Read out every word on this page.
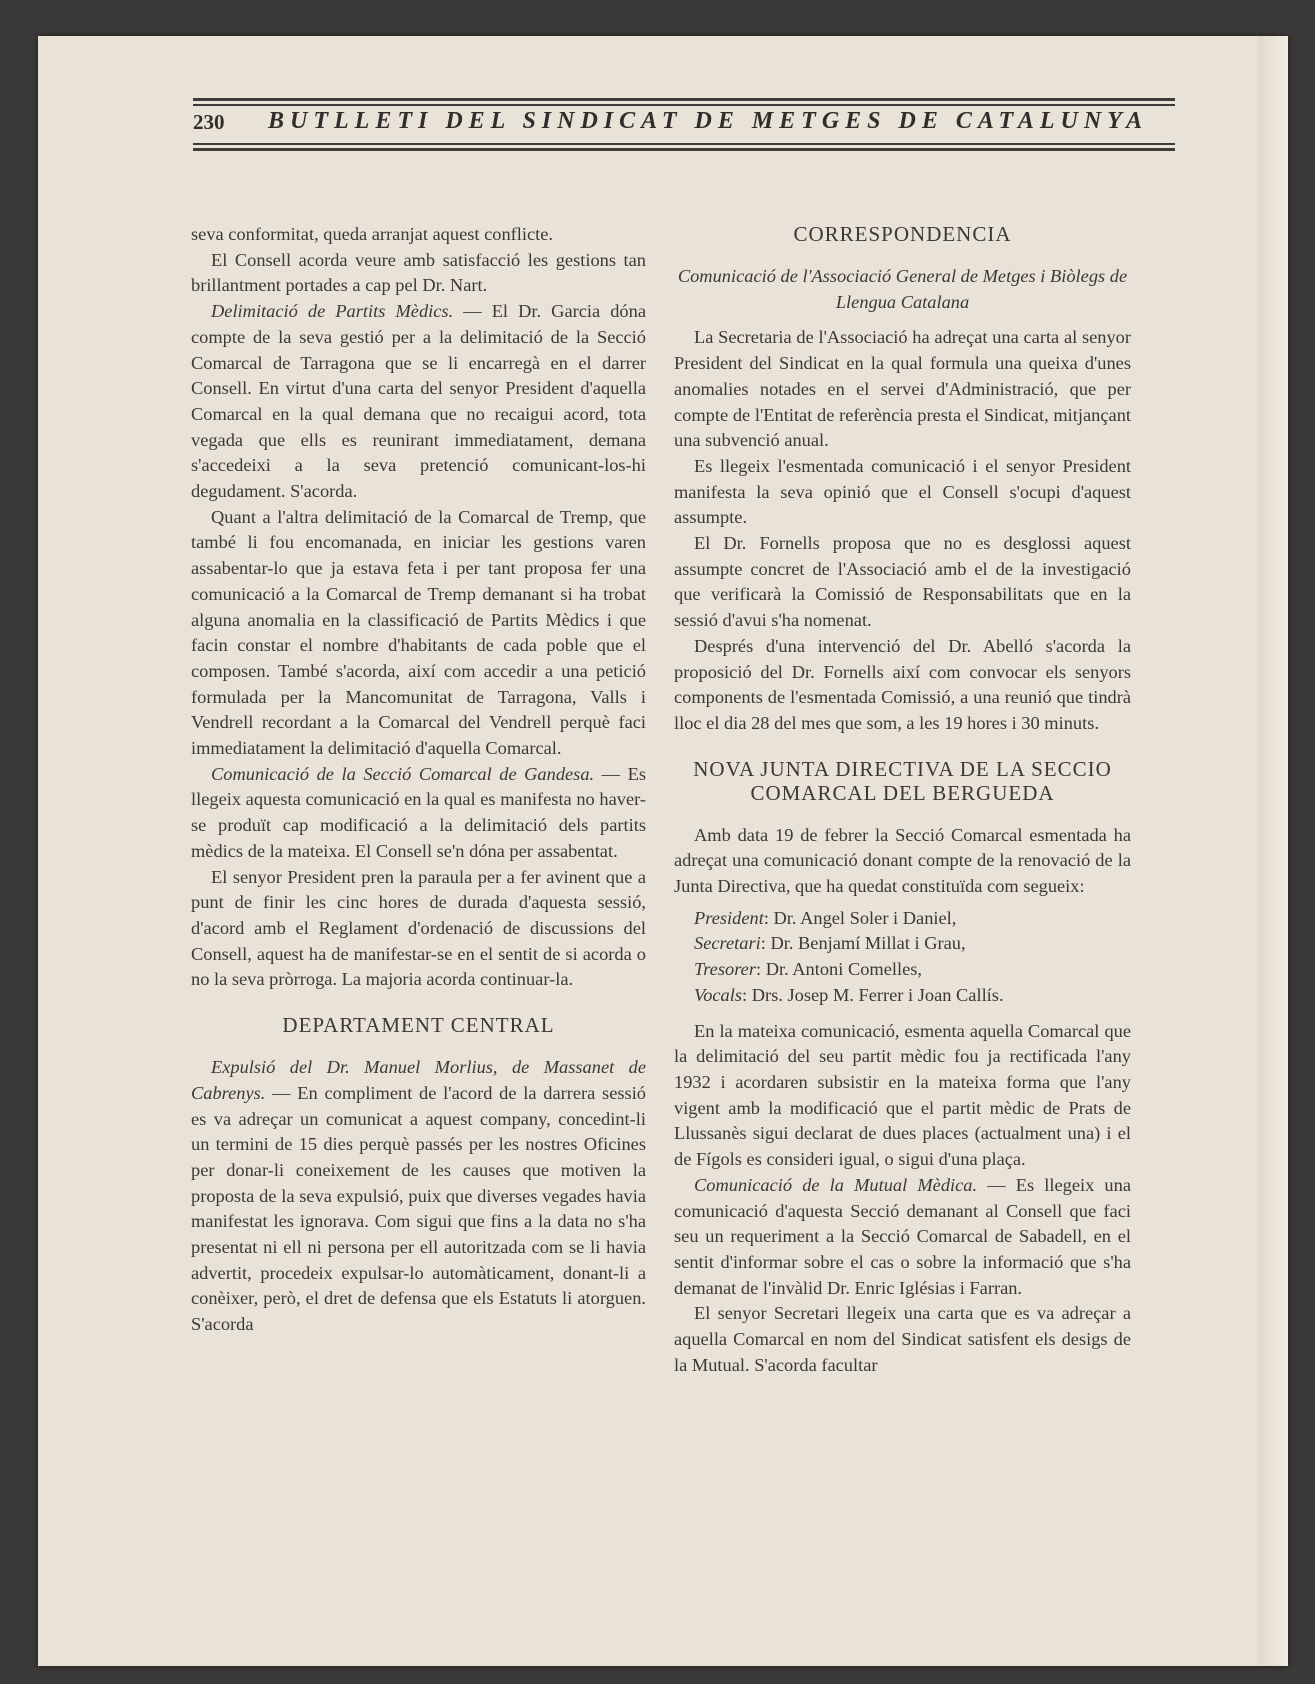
230 BUTLLETI DEL SINDICAT DE METGES DE CATALUNYA

seva conformitat, queda arranjat aquest conflicte.

El Consell acorda veure amb satisfacció les gestions tan brillantment portades a cap pel Dr. Nart.

Delimitació de Partits Mèdics. — El Dr. Garcia dóna compte de la seva gestió per a la delimitació de la Secció Comarcal de Tarragona que se li encarregà en el darrer Consell. En virtut d'una carta del senyor President d'aquella Comarcal en la qual demana que no recaigui acord, tota vegada que ells es reunirant immediatament, demana s'accedeixi a la seva pretenció comunicant-los-hi degudament. S'acorda.

Quant a l'altra delimitació de la Comarcal de Tremp, que també li fou encomanada, en iniciar les gestions varen assabentar-lo que ja estava feta i per tant proposa fer una comunicació a la Comarcal de Tremp demanant si ha trobat alguna anomalia en la classificació de Partits Mèdics i que facin constar el nombre d'habitants de cada poble que el composen. També s'acorda, així com accedir a una petició formulada per la Mancomunitat de Tarragona, Valls i Vendrell recordant a la Comarcal del Vendrell perquè faci immediatament la delimitació d'aquella Comarcal.

Comunicació de la Secció Comarcal de Gandesa. — Es llegeix aquesta comunicació en la qual es manifesta no haver-se produït cap modificació a la delimitació dels partits mèdics de la mateixa. El Consell se'n dóna per assabentat.

El senyor President pren la paraula per a fer avinent que a punt de finir les cinc hores de durada d'aquesta sessió, d'acord amb el Reglament d'ordenació de discussions del Consell, aquest ha de manifestar-se en el sentit de si acorda o no la seva pròrroga. La majoria acorda continuar-la.

DEPARTAMENT CENTRAL

Expulsió del Dr. Manuel Morlius, de Massanet de Cabrenys. — En compliment de l'acord de la darrera sessió es va adreçar un comunicat a aquest company, concedint-li un termini de 15 dies perquè passés per les nostres Oficines per donar-li coneixement de les causes que motiven la proposta de la seva expulsió, puix que diverses vegades havia manifestat les ignorava. Com sigui que fins a la data no s'ha presentat ni ell ni persona per ell autoritzada com se li havia advertit, procedeix expulsar-lo automàticament, donant-li a conèixer, però, el dret de defensa que els Estatuts li atorguen. S'acorda

CORRESPONDENCIA
Comunicació de l'Associació General de Metges i Biòlegs de Llengua Catalana

La Secretaria de l'Associació ha adreçat una carta al senyor President del Sindicat en la qual formula una queixa d'unes anomalies notades en el servei d'Administració, que per compte de l'Entitat de referència presta el Sindicat, mitjançant una subvenció anual.

Es llegeix l'esmentada comunicació i el senyor President manifesta la seva opinió que el Consell s'ocupi d'aquest assumpte.

El Dr. Fornells proposa que no es desglossi aquest assumpte concret de l'Associació amb el de la investigació que verificarà la Comissió de Responsabilitats que en la sessió d'avui s'ha nomenat.

Després d'una intervenció del Dr. Abelló s'acorda la proposició del Dr. Fornells així com convocar els senyors components de l'esmentada Comissió, a una reunió que tindrà lloc el dia 28 del mes que som, a les 19 hores i 30 minuts.

NOVA JUNTA DIRECTIVA DE LA SECCIO COMARCAL DEL BERGUEDA

Amb data 19 de febrer la Secció Comarcal esmentada ha adreçat una comunicació donant compte de la renovació de la Junta Directiva, que ha quedat constituïda com segueix:

President: Dr. Angel Soler i Daniel,
Secretari: Dr. Benjamí Millat i Grau,
Tresorer: Dr. Antoni Comelles,
Vocals: Drs. Josep M. Ferrer i Joan Callís.

En la mateixa comunicació, esmenta aquella Comarcal que la delimitació del seu partit mèdic fou ja rectificada l'any 1932 i acordaren subsistir en la mateixa forma que l'any vigent amb la modificació que el partit mèdic de Prats de Llussanès sigui declarat de dues places (actualment una) i el de Fígols es consideri igual, o sigui d'una plaça.

Comunicació de la Mutual Mèdica. — Es llegeix una comunicació d'aquesta Secció demanant al Consell que faci seu un requeriment a la Secció Comarcal de Sabadell, en el sentit d'informar sobre el cas o sobre la informació que s'ha demanat de l'invàlid Dr. Enric Iglésias i Farran.

El senyor Secretari llegeix una carta que es va adreçar a aquella Comarcal en nom del Sindicat satisfent els desigs de la Mutual. S'acorda facultar
